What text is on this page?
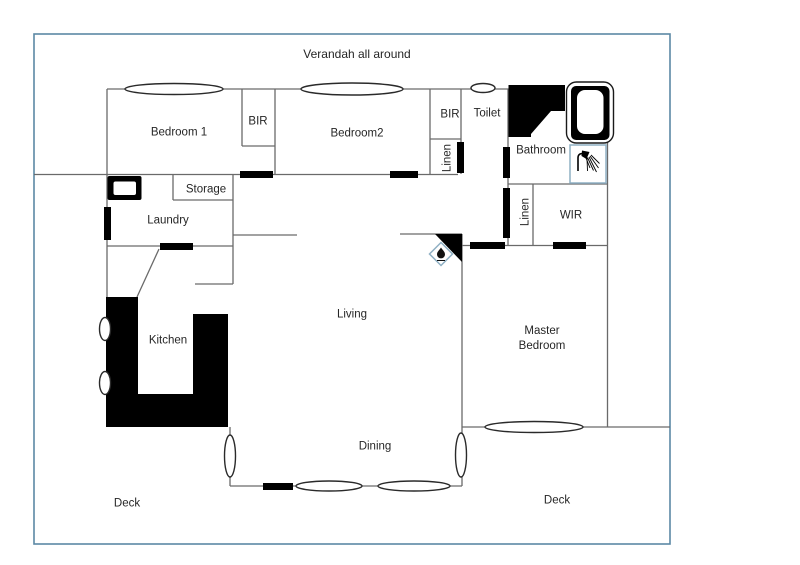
Verandah all around
Bedroom 1
BIR
Bedroom2
BIR Toilet
Linen	Bathroom
Linen WIR
Storage
Laundry
Kitchen
Living
Master
Bedroom
Dining
Deck	Deck
